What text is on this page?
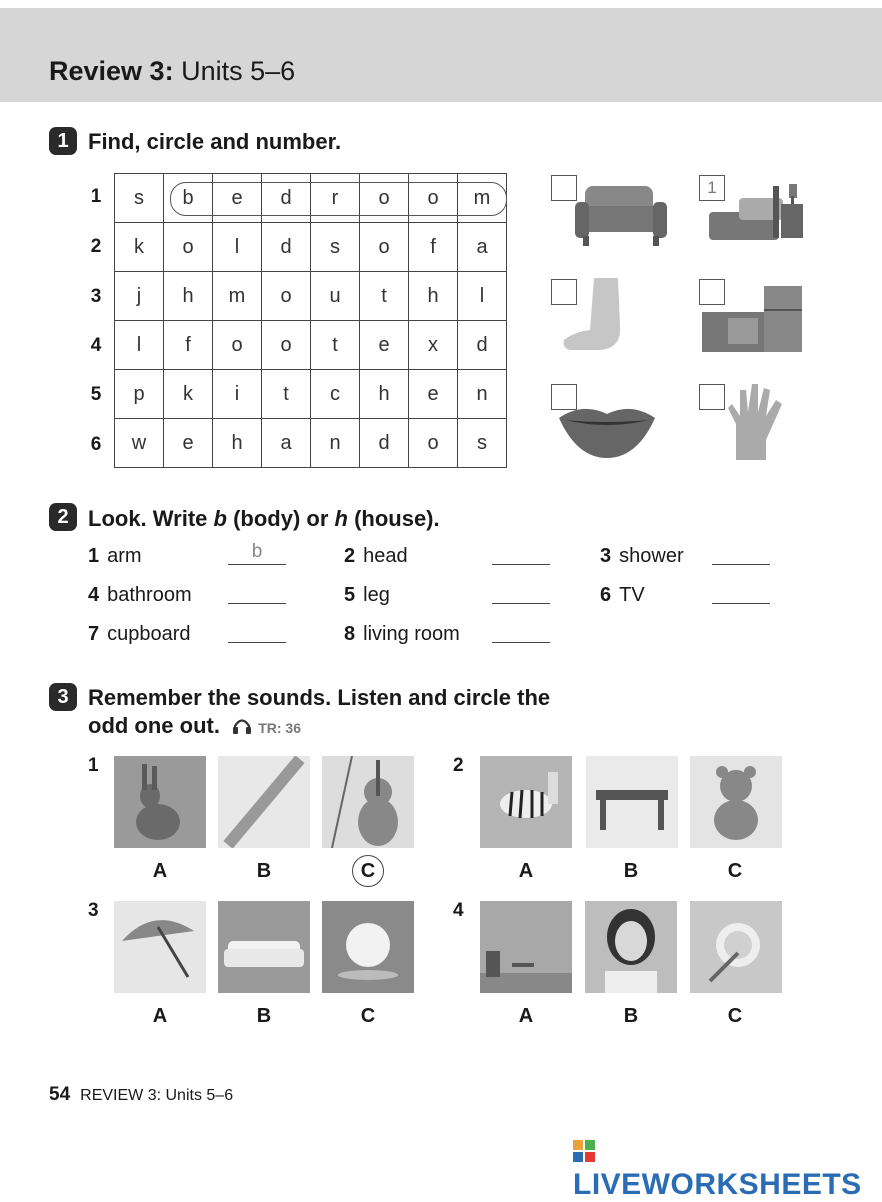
Review 3: Units 5–6
1 Find, circle and number.
1
2
3
4
5
6
s	b	e	d	r	o	o	m
k	o	l	d	s	o	f	a
j	h	m	o	u	t	h	l
l	f	o	o	t	e	x	d
p	k	i	t	c	h	e	n
w	e	h	a	n	d	o	s
1
2 Look. Write b (body) or h (house).
1 arm	b	2 head	3 shower
4 bathroom	5 leg	6 TV
7 cupboard	8 living room
3 Remember the sounds. Listen and circle the
odd one out.	TR: 36
1	2
3	4
A	B	C	A	B	C
A	B	C	A	B	C
54 REVIEW 3: Units 5–6
LIVEWORKSHEETS
